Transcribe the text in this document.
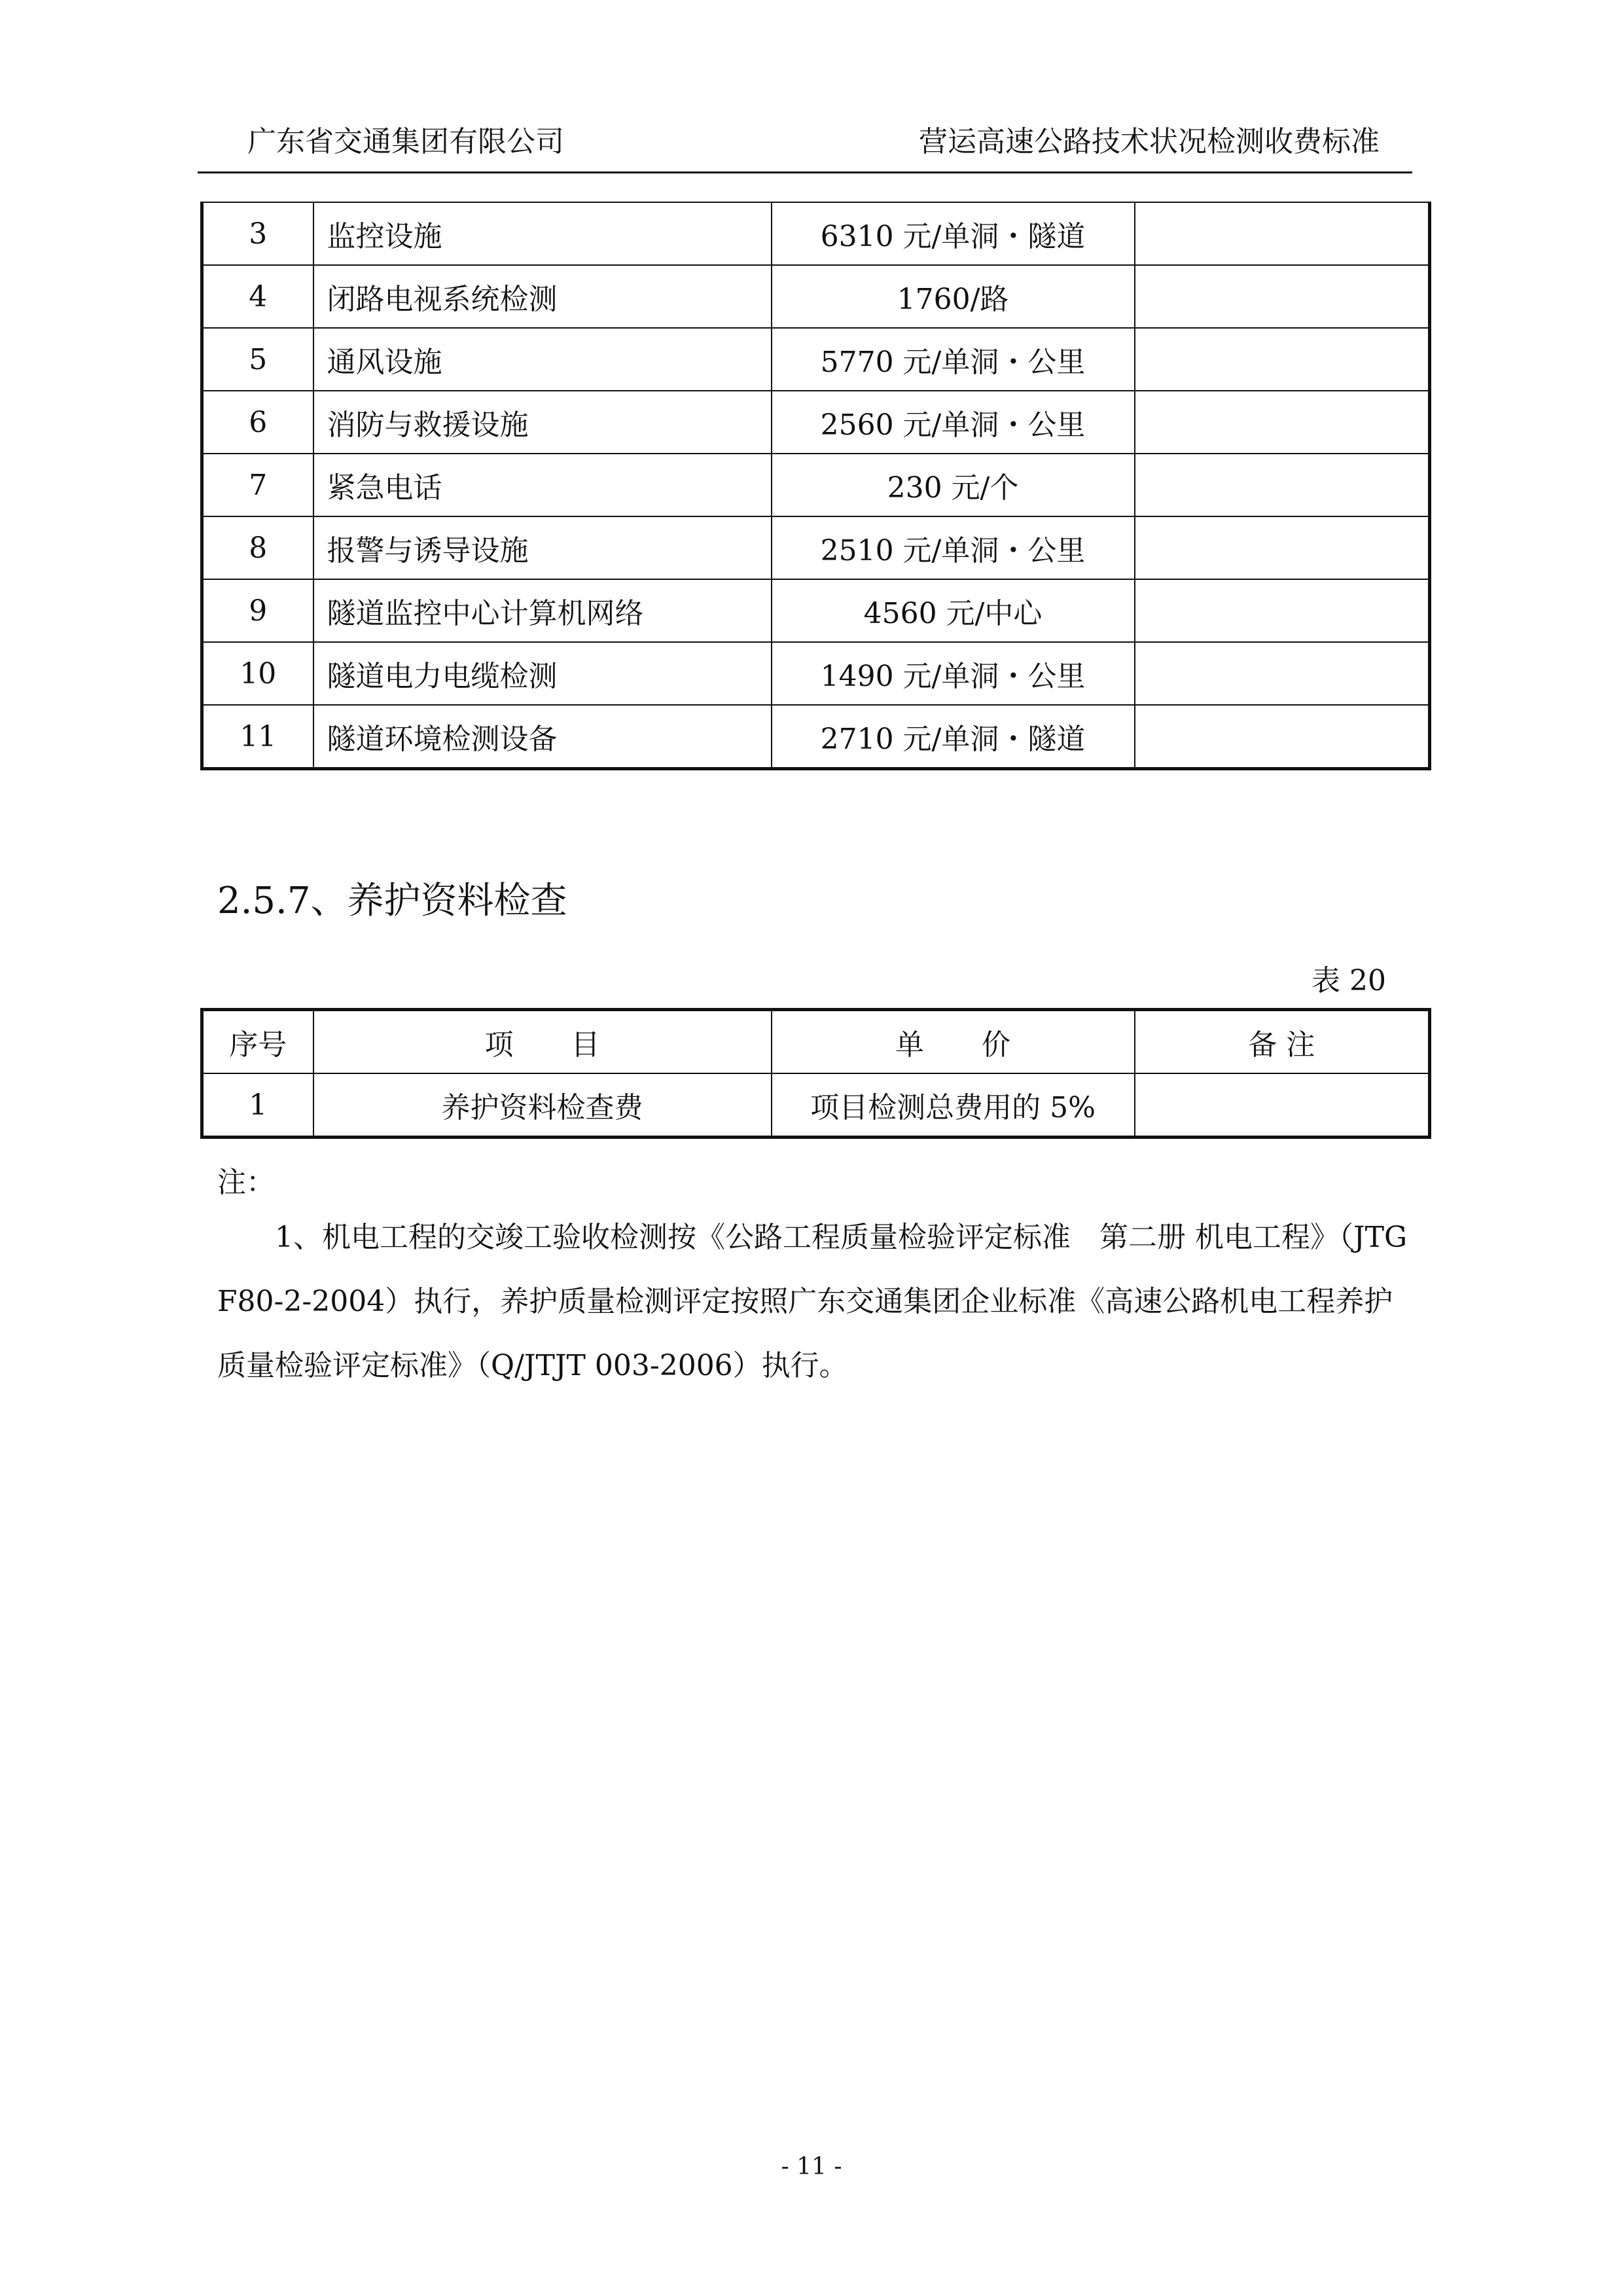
广东省交通集团有限公司	营运高速公路技术状况检测收费标准
3	监控设施	6310 元/单洞・隧道	
4	闭路电视系统检测	1760/路	
5	通风设施	5770 元/单洞・公里	
6	消防与救援设施	2560 元/单洞・公里	
7	紧急电话	230 元/个	
8	报警与诱导设施	2510 元/单洞・公里	
9	隧道监控中心计算机网络	4560 元/中心	
10	隧道电力电缆检测	1490 元/单洞・公里	
11	隧道环境检测设备	2710 元/单洞・隧道	
2.5.7、养护资料检查
表 20
序号	项　　目	单　　价	备 注
1	养护资料检查费	项目检测总费用的 5%	
注：

1、机电工程的交竣工验收检测按《公路工程质量检验评定标准　第二册 机电工程》（JTG F80-2-2004）执行，养护质量检测评定按照广东交通集团企业标准《高速公路机电工程养护质量检验评定标准》（Q/JTJT 003-2006）执行。

- 11 -
